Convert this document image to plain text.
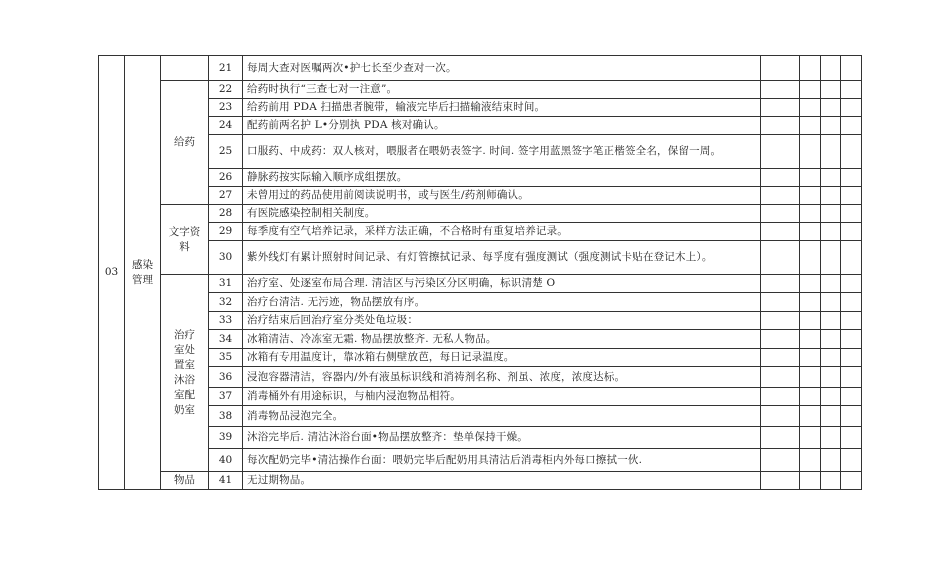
03	感染管理		21	每周大查对医嘱两次•护七长至少查对一次。				
		给药	22	给药时执行“三查七对一注意”。				
			23	给药前用 PDA 扫描患者腕带，输液完毕后扫描输液结束时间。				
			24	配药前两名护 L•分别执 PDA 核对确认。				
			25	口服药、中成药：双人核对，喂服者在喂奶表签字. 时间. 签字用蓝黑签字笔正楷签全名，保留一周。				
			26	静脉药按实际输入顺序成组摆放。				
			27	未曾用过的药品使用前阅读说明书，或与医生/药剂师确认。				
		文字资料	28	有医院感染控制相关制度。				
			29	每季度有空气培养记录，采样方法正确，不合格时有重复培养记录。				
			30	紫外线灯有累计照射时间记录、有灯管擦拭记录、每孚度有强度测试（强度测试卡贴在登记木上）。				
		治疗室处置室沐浴室配奶室	31	治疗室、处逐室布局合理. 清洁区与污染区分区明确，标识清楚 O				
			32	治疗台清洁. 无污迹，物品摆放有序。				
			33	治疗结束后回治疗室分类处龟垃圾：				
			34	冰箱清洁、冷冻室无霜. 物品摆放整齐. 无私人物品。				
			35	冰箱有专用温度计，靠冰箱右侧壁放芭，每日记录温度。				
			36	浸泡容器清洁，容器内/外有液虽标识线和消祷剂名称、剂虽、浓度，浓度达标。				
			37	消毒桶外有用途标识，与柚内浸泡物品相符。				
			38	消毒物品浸泡完全。				
			39	沐浴完毕后. 清沽沐浴台面•物品摆放整齐：垫单保持干燥。				
			40	每次配奶完毕•清沽操作台面：喂奶完毕后配奶用具清沽后消毒柜内外每口擦拭一伙.				
		物品	41	无过期物品。				
